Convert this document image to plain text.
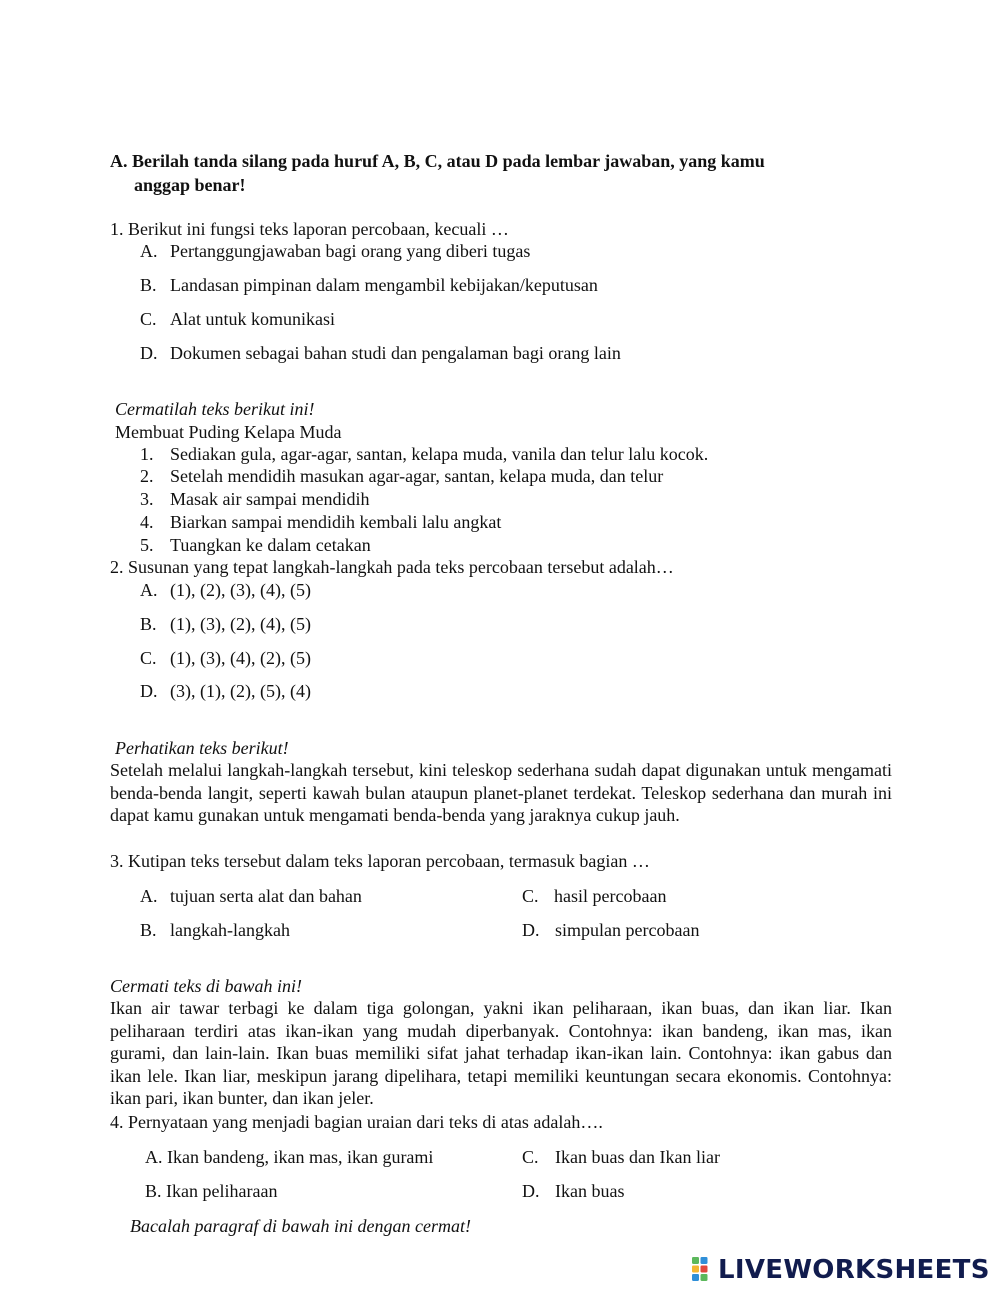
A. Berilah tanda silang pada huruf A, B, C, atau D pada lembar jawaban, yang kamu
anggap benar!
1. Berikut ini fungsi teks laporan percobaan, kecuali …
A. Pertanggungjawaban bagi orang yang diberi tugas
B. Landasan pimpinan dalam mengambil kebijakan/keputusan
C. Alat untuk komunikasi
D. Dokumen sebagai bahan studi dan pengalaman bagi orang lain
Cermatilah teks berikut ini!
Membuat Puding Kelapa Muda
1. Sediakan gula, agar-agar, santan, kelapa muda, vanila dan telur lalu kocok.
2. Setelah mendidih masukan agar-agar, santan, kelapa muda, dan telur
3. Masak air sampai mendidih
4. Biarkan sampai mendidih kembali lalu angkat
5. Tuangkan ke dalam cetakan
2. Susunan yang tepat langkah-langkah pada teks percobaan tersebut adalah…
A. (1), (2), (3), (4), (5)
B. (1), (3), (2), (4), (5)
C. (1), (3), (4), (2), (5)
D. (3), (1), (2), (5), (4)
Perhatikan teks berikut!
Setelah melalui langkah-langkah tersebut, kini teleskop sederhana sudah dapat digunakan untuk mengamati benda-benda langit, seperti kawah bulan ataupun planet-planet terdekat. Teleskop sederhana dan murah ini dapat kamu gunakan untuk mengamati benda-benda yang jaraknya cukup jauh.
3. Kutipan teks tersebut dalam teks laporan percobaan, termasuk bagian …
A. tujuan serta alat dan bahan
B. langkah-langkah
C. hasil percobaan
D. simpulan percobaan
Cermati teks di bawah ini!
Ikan air tawar terbagi ke dalam tiga golongan, yakni ikan peliharaan, ikan buas, dan ikan liar. Ikan peliharaan terdiri atas ikan-ikan yang mudah diperbanyak. Contohnya: ikan bandeng, ikan mas, ikan gurami, dan lain-lain. Ikan buas memiliki sifat jahat terhadap ikan-ikan lain. Contohnya: ikan gabus dan ikan lele. Ikan liar, meskipun jarang dipelihara, tetapi memiliki keuntungan secara ekonomis. Contohnya: ikan pari, ikan bunter, dan ikan jeler.
4. Pernyataan yang menjadi bagian uraian dari teks di atas adalah….
A. Ikan bandeng, ikan mas, ikan gurami
B. Ikan peliharaan
C. Ikan buas dan Ikan liar
D. Ikan buas
Bacalah paragraf di bawah ini dengan cermat!
LIVEWORKSHEETS
